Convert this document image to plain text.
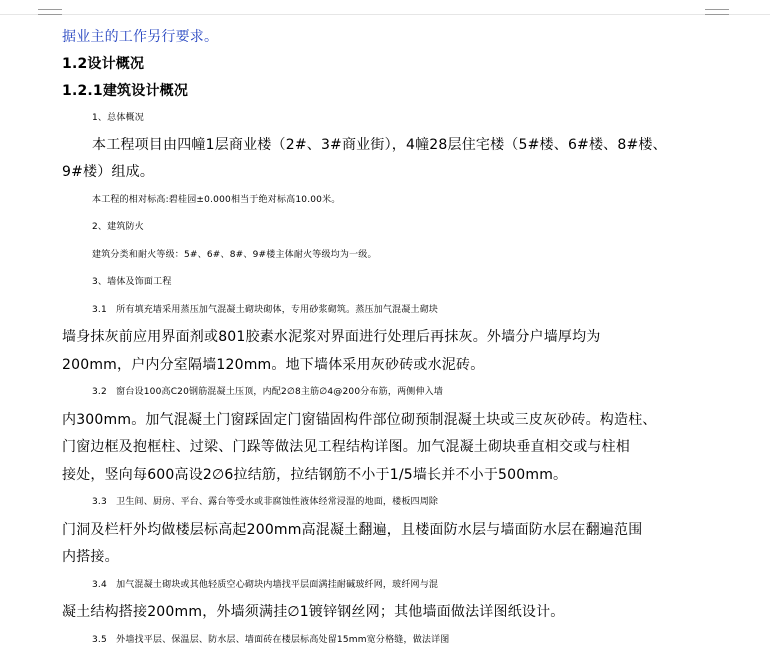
据业主的工作另行要求。
1.2设计概况
1.2.1建筑设计概况
1、总体概况
本工程项目由四幢1层商业楼（2#、3#商业街），4幢28层住宅楼（5#楼、6#楼、8#楼、
9#楼）组成。
本工程的相对标高:碧桂园±0.000相当于绝对标高10.00米。
2、建筑防火
建筑分类和耐火等级：5#、6#、8#、9#楼主体耐火等级均为一级。
3、墙体及饰面工程
3.1　所有填充墙采用蒸压加气混凝土砌块砌体，专用砂浆砌筑。蒸压加气混凝土砌块
墙身抹灰前应用界面剂或801胶素水泥浆对界面进行处理后再抹灰。外墙分户墙厚均为
200mm，户内分室隔墙120mm。地下墙体采用灰砂砖或水泥砖。
3.2　窗台设100高C20钢筋混凝土压顶，内配2∅8主筋∅4@200分布筋，两侧伸入墙
内300mm。加气混凝土门窗踩固定门窗锚固构件部位砌预制混凝土块或三皮灰砂砖。构造柱、
门窗边框及抱框柱、过梁、门跺等做法见工程结构详图。加气混凝土砌块垂直相交或与柱相
接处，竖向每600高设2∅6拉结筋，拉结钢筋不小于1/5墙长并不小于500mm。
3.3　卫生间、厨房、平台、露台等受水或非腐蚀性液体经常浸湿的地面，楼板四周除
门洞及栏杆外均做楼层标高起200mm高混凝土翻遍，且楼面防水层与墙面防水层在翻遍范围
内搭接。
3.4　加气混凝土砌块或其他轻质空心砌块内墙找平层面满挂耐碱玻纤网，玻纤网与混
凝土结构搭接200mm，外墙须满挂∅1镀锌钢丝网；其他墙面做法详图纸设计。
3.5　外墙找平层、保温层、防水层、墙面砖在楼层标高处留15mm宽分格缝，做法详图
